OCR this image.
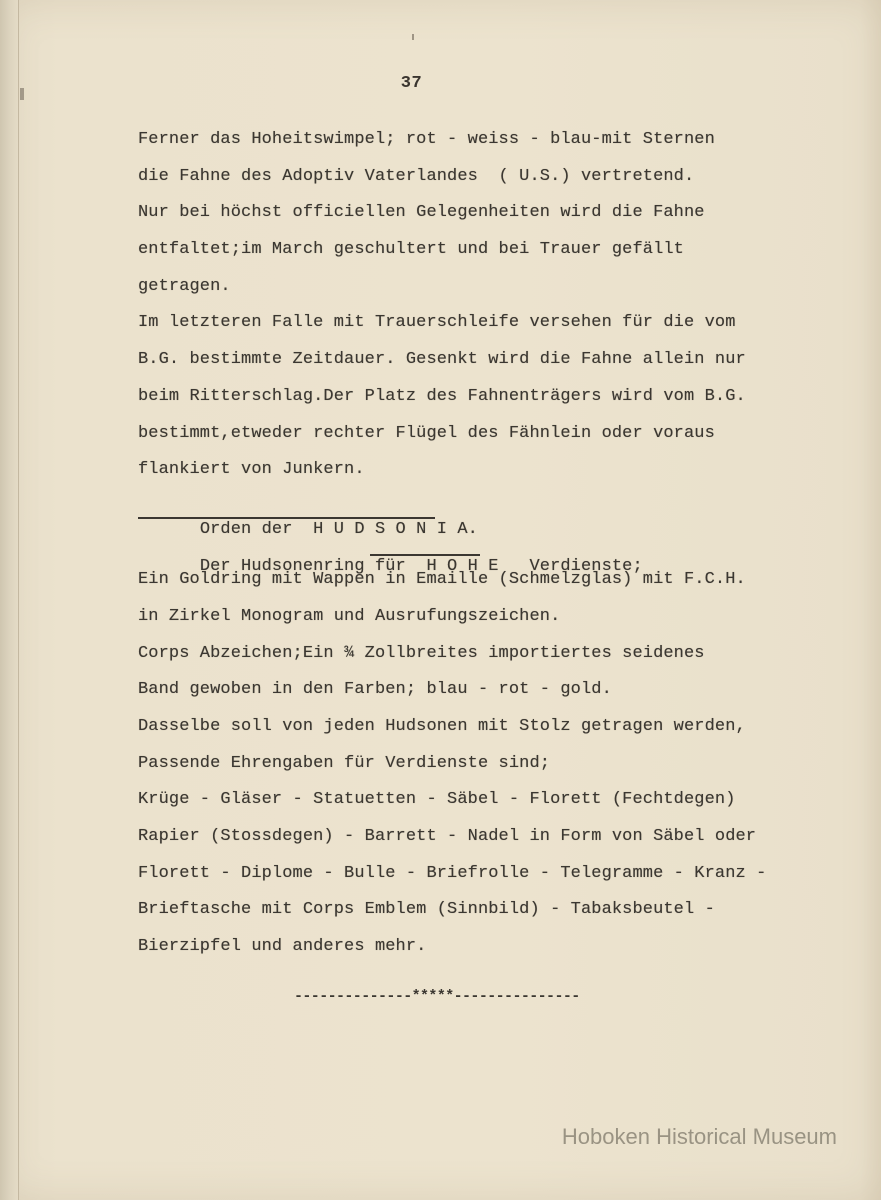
37
Ferner das Hoheitswimpel; rot - weiss - blau-mit Sternen
die Fahne des Adoptiv Vaterlandes  ( U.S.) vertretend.
Nur bei höchst officiellen Gelegenheiten wird die Fahne
entfaltet;im March geschultert und bei Trauer gefällt
getragen.
Im letzteren Falle mit Trauerschleife versehen für die vom
B.G. bestimmte Zeitdauer. Gesenkt wird die Fahne allein nur
beim Ritterschlag.Der Platz des Fahnenträgers wird vom B.G.
bestimmt,etweder rechter Flügel des Fähnlein oder voraus
flankiert von Junkern.

Orden der  H U D S O N I A.

Der Hudsonenring für  H O H E   Verdienste;

Ein Goldring mit Wappen in Emaille (Schmelzglas) mit F.C.H.
in Zirkel Monogram und Ausrufungszeichen.
Corps Abzeichen;Ein ¾ Zollbreites importiertes seidenes
Band gewoben in den Farben; blau - rot - gold.
Dasselbe soll von jeden Hudsonen mit Stolz getragen werden,
Passende Ehrengaben für Verdienste sind;
Krüge - Gläser - Statuetten - Säbel - Florett (Fechtdegen)
Rapier (Stossdegen) - Barrett - Nadel in Form von Säbel oder
Florett - Diplome - Bulle - Briefrolle - Telegramme - Kranz -
Brieftasche mit Corps Emblem (Sinnbild) - Tabaksbeutel -
Bierzipfel und anderes mehr.
--------------*****---------------
Hoboken Historical Museum
